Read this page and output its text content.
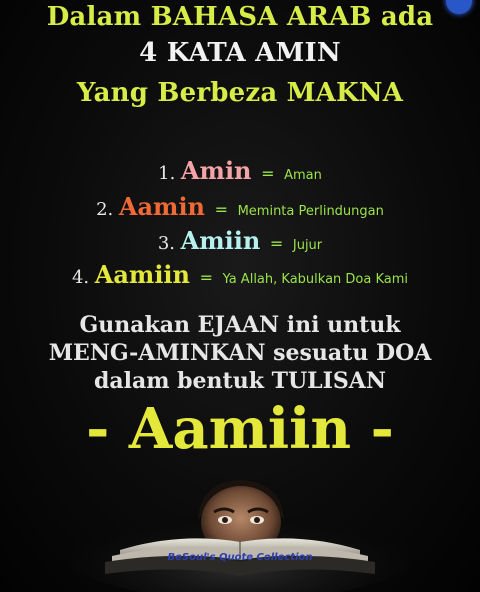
Dalam BAHASA ARAB ada
4 KATA AMIN
Yang Berbeza MAKNA
1. Amin = Aman
2. Aamin = Meminta Perlindungan
3. Amiin = Jujur
4. Aamiin = Ya Allah, Kabulkan Doa Kami
Gunakan EJAAN ini untuk
MENG-AMINKAN sesuatu DOA
dalam bentuk TULISAN
- Aamiin -
BeSoul's Quote Collection
